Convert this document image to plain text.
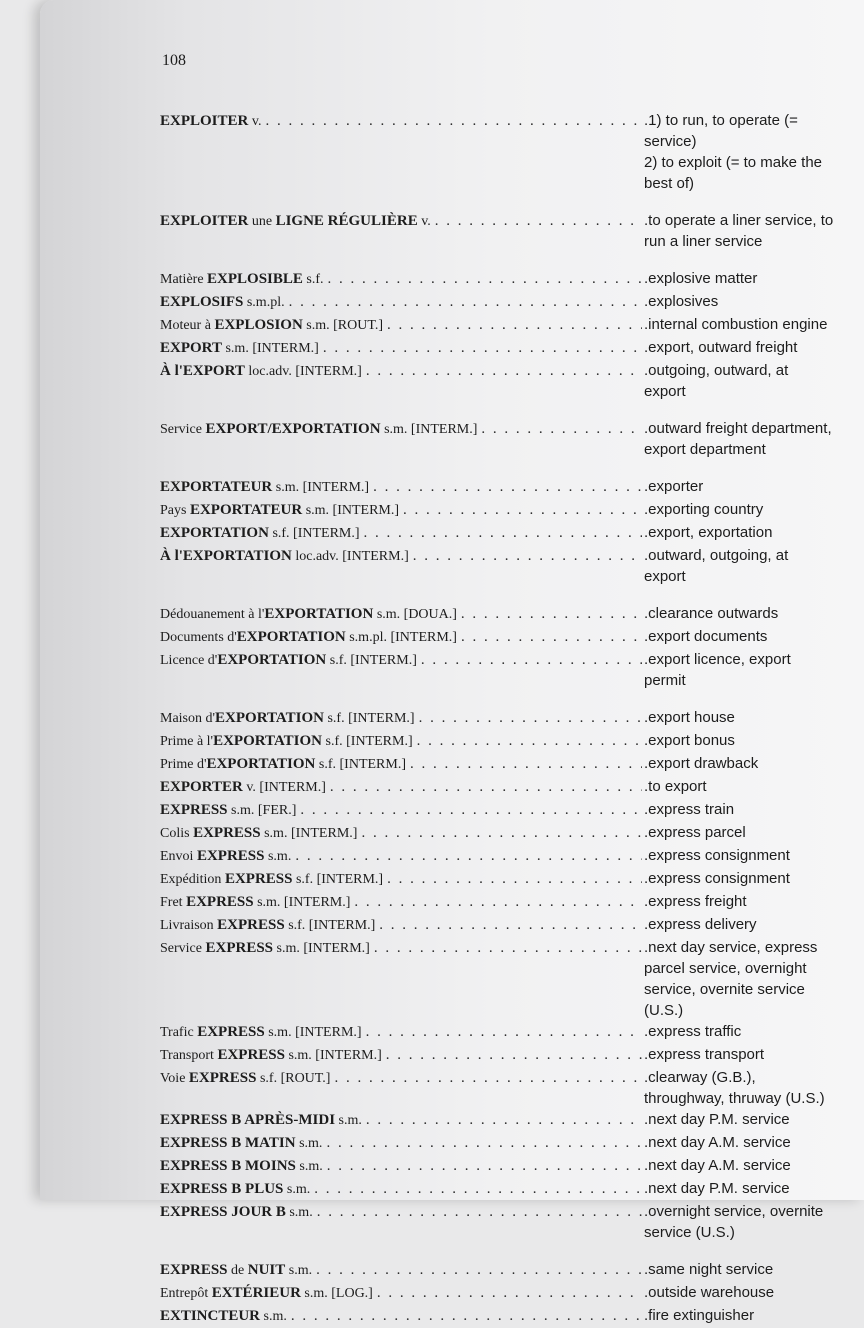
108
EXPLOITER v. . . .	. 1) to run, to operate (=
service)
2) to exploit (= to make the
best of)
EXPLOITER une LIGNE RÉGULIÈRE v. . . .	. to operate a liner service, to
run a liner service
Matière EXPLOSIBLE s.f. . . .	. explosive matter
EXPLOSIFS s.m.pl. . . .	. explosives
Moteur à EXPLOSION s.m. [ROUT.] . . .	. internal combustion engine
EXPORT s.m. [INTERM.] . . .	. export, outward freight
À l'EXPORT loc.adv. [INTERM.] . . .	. outgoing, outward, at
export
Service EXPORT/EXPORTATION s.m. [INTERM.] . . .	. outward freight department,
export department
EXPORTATEUR s.m. [INTERM.] . . .	. exporter
Pays EXPORTATEUR s.m. [INTERM.] . . .	. exporting country
EXPORTATION s.f. [INTERM.] . . .	. export, exportation
À l'EXPORTATION loc.adv. [INTERM.] . . .	. outward, outgoing, at
export
Dédouanement à l'EXPORTATION s.m. [DOUA.] . . .	. clearance outwards
Documents d'EXPORTATION s.m.pl. [INTERM.] . . .	. export documents
Licence d'EXPORTATION s.f. [INTERM.] . . .	. export licence, export
permit
Maison d'EXPORTATION s.f. [INTERM.] . . .	. export house
Prime à l'EXPORTATION s.f. [INTERM.] . . .	. export bonus
Prime d'EXPORTATION s.f. [INTERM.] . . .	. export drawback
EXPORTER v. [INTERM.] . . .	. to export
EXPRESS s.m. [FER.] . . .	. express train
Colis EXPRESS s.m. [INTERM.] . . .	. express parcel
Envoi EXPRESS s.m. . . .	. express consignment
Expédition EXPRESS s.f. [INTERM.] . . .	. express consignment
Fret EXPRESS s.m. [INTERM.] . . .	. express freight
Livraison EXPRESS s.f. [INTERM.] . . .	. express delivery
Service EXPRESS s.m. [INTERM.] . . .	. next day service, express
parcel service, overnight
service, overnite service
(U.S.)
Trafic EXPRESS s.m. [INTERM.] . . .	. express traffic
Transport EXPRESS s.m. [INTERM.] . . .	. express transport
Voie EXPRESS s.f. [ROUT.] . . .	. clearway (G.B.),
throughway, thruway (U.S.)
EXPRESS B APRÈS-MIDI s.m. . . .	. next day P.M. service
EXPRESS B MATIN s.m. . . .	. next day A.M. service
EXPRESS B MOINS s.m. . . .	. next day A.M. service
EXPRESS B PLUS s.m. . . .	. next day P.M. service
EXPRESS JOUR B s.m. . . .	. overnight service, overnite
service (U.S.)
EXPRESS de NUIT s.m. . . .	. same night service
Entrepôt EXTÉRIEUR s.m. [LOG.] . . .	. outside warehouse
EXTINCTEUR s.m. . . .	. fire extinguisher
